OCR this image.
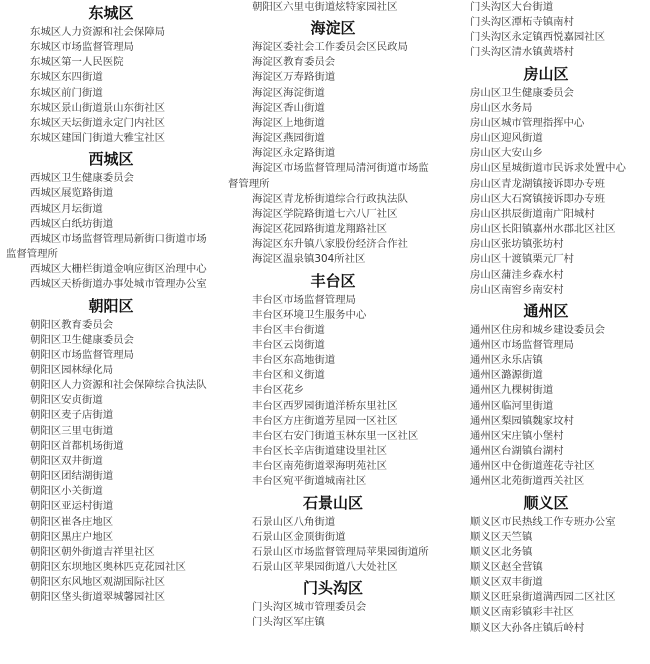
东城区
东城区人力资源和社会保障局
东城区市场监督管理局
东城区第一人民医院
东城区东四街道
东城区前门街道
东城区景山街道景山东街社区
东城区天坛街道永定门内社区
东城区建国门街道大雅宝社区
西城区
西城区卫生健康委员会
西城区展览路街道
西城区月坛街道
西城区白纸坊街道
西城区市场监督管理局新街口街道市场监督管理所
西城区大栅栏街道金响应街区治理中心
西城区天桥街道办事处城市管理办公室
朝阳区
朝阳区教育委员会
朝阳区卫生健康委员会
朝阳区市场监督管理局
朝阳区园林绿化局
朝阳区人力资源和社会保障综合执法队
朝阳区安贞街道
朝阳区麦子店街道
朝阳区三里屯街道
朝阳区首都机场街道
朝阳区双井街道
朝阳区团结湖街道
朝阳区小关街道
朝阳区亚运村街道
朝阳区崔各庄地区
朝阳区黑庄户地区
朝阳区朝外街道吉祥里社区
朝阳区东坝地区奥林匹克花园社区
朝阳区东风地区观湖国际社区
朝阳区垡头街道翠城馨园社区
朝阳区六里屯街道炫特家园社区
海淀区
海淀区委社会工作委员会区民政局
海淀区教育委员会
海淀区万寿路街道
海淀区海淀街道
海淀区香山街道
海淀区上地街道
海淀区燕园街道
海淀区永定路街道
海淀区市场监督管理局清河街道市场监督管理所
海淀区青龙桥街道综合行政执法队
海淀区学院路街道七六八厂社区
海淀区花园路街道龙翔路社区
海淀区东升镇八家股份经济合作社
海淀区温泉镇304所社区
丰台区
丰台区市场监督管理局
丰台区环境卫生服务中心
丰台区丰台街道
丰台区云岗街道
丰台区东高地街道
丰台区和义街道
丰台区花乡
丰台区西罗园街道洋桥东里社区
丰台区方庄街道芳星园一区社区
丰台区右安门街道玉林东里一区社区
丰台区长辛店街道建设里社区
丰台区南苑街道翠海明苑社区
丰台区宛平街道城南社区
石景山区
石景山区八角街道
石景山区金顶街街道
石景山区市场监督管理局苹果园街道所
石景山区苹果园街道八大处社区
门头沟区
门头沟区城市管理委员会
门头沟区军庄镇
门头沟区大台街道
门头沟区潭柘寺镇南村
门头沟区永定镇西悦嘉园社区
门头沟区清水镇黄塔村
房山区
房山区卫生健康委员会
房山区水务局
房山区城市管理指挥中心
房山区迎风街道
房山区大安山乡
房山区星城街道市民诉求处置中心
房山区青龙湖镇接诉即办专班
房山区大石窝镇接诉即办专班
房山区拱辰街道南广阳城村
房山区长阳镇嘉州水郡北区社区
房山区张坊镇张坊村
房山区十渡镇栗元厂村
房山区蒲洼乡森水村
房山区南窖乡南安村
通州区
通州区住房和城乡建设委员会
通州区市场监督管理局
通州区永乐店镇
通州区潞源街道
通州区九棵树街道
通州区临河里街道
通州区梨园镇魏家坟村
通州区宋庄镇小堡村
通州区台湖镇台湖村
通州区中仓街道莲花寺社区
通州区北苑街道西关社区
顺义区
顺义区市民热线工作专班办公室
顺义区天竺镇
顺义区北务镇
顺义区赵全营镇
顺义区双丰街道
顺义区旺泉街道满西园二区社区
顺义区南彩镇彩丰社区
顺义区大孙各庄镇后岭村
